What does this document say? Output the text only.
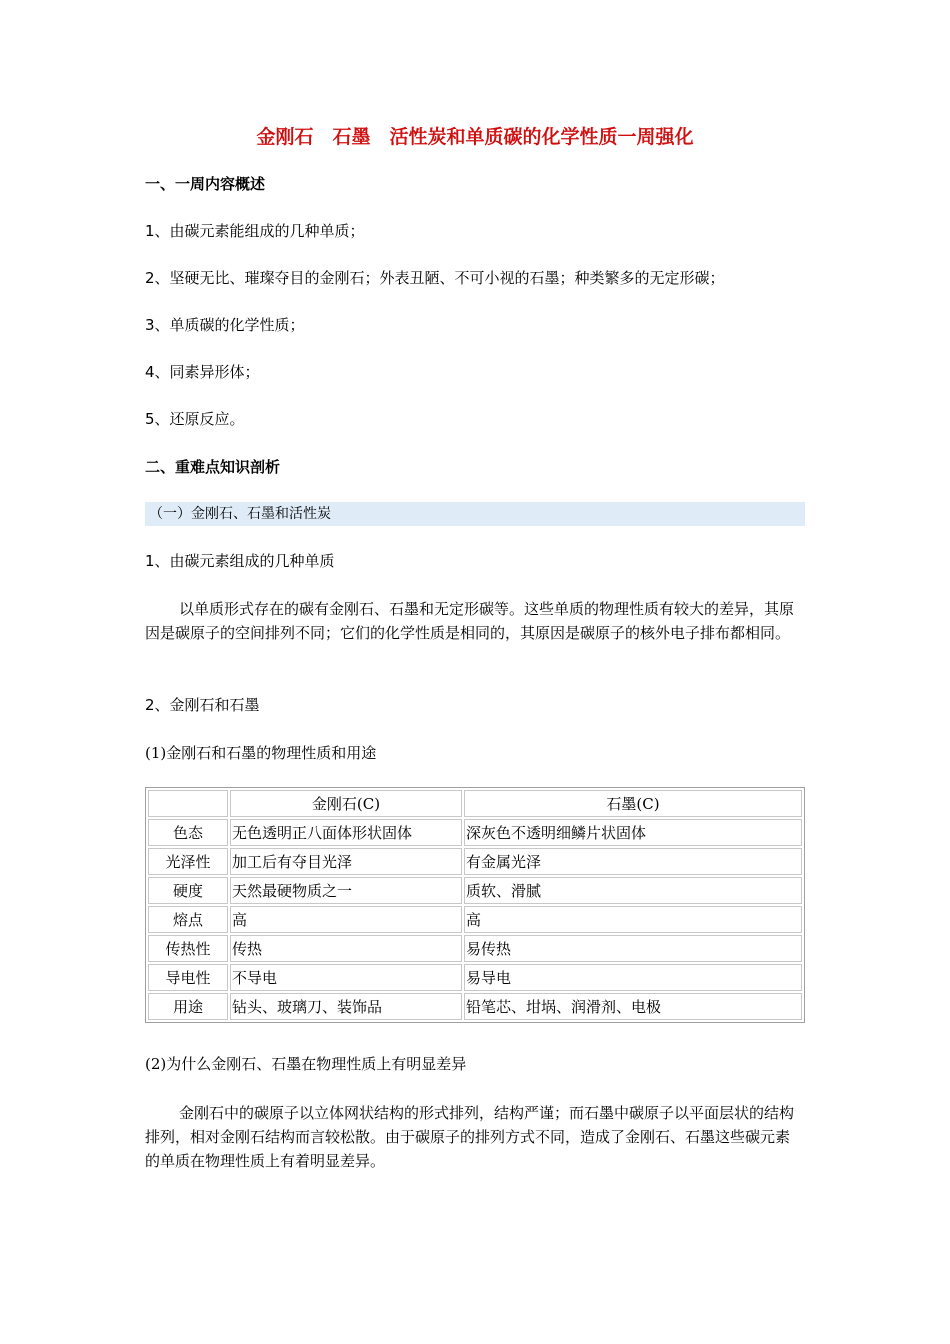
金刚石　石墨　活性炭和单质碳的化学性质一周强化
一、一周内容概述
1、由碳元素能组成的几种单质；
2、坚硬无比、璀璨夺目的金刚石；外表丑陋、不可小视的石墨；种类繁多的无定形碳；
3、单质碳的化学性质；
4、同素异形体；
5、还原反应。
二、重难点知识剖析
（一）金刚石、石墨和活性炭
1、由碳元素组成的几种单质
以单质形式存在的碳有金刚石、石墨和无定形碳等。这些单质的物理性质有较大的差异，其原因是碳原子的空间排列不同；它们的化学性质是相同的，其原因是碳原子的核外电子排布都相同。
2、金刚石和石墨
(1)金刚石和石墨的物理性质和用途
	金刚石(C)	石墨(C)
色态	无色透明正八面体形状固体	深灰色不透明细鳞片状固体
光泽性	加工后有夺目光泽	有金属光泽
硬度	天然最硬物质之一	质软、滑腻
熔点	高	高
传热性	传热	易传热
导电性	不导电	易导电
用途	钻头、玻璃刀、装饰品	铅笔芯、坩埚、润滑剂、电极
(2)为什么金刚石、石墨在物理性质上有明显差异
金刚石中的碳原子以立体网状结构的形式排列，结构严谨；而石墨中碳原子以平面层状的结构排列，相对金刚石结构而言较松散。由于碳原子的排列方式不同，造成了金刚石、石墨这些碳元素的单质在物理性质上有着明显差异。
